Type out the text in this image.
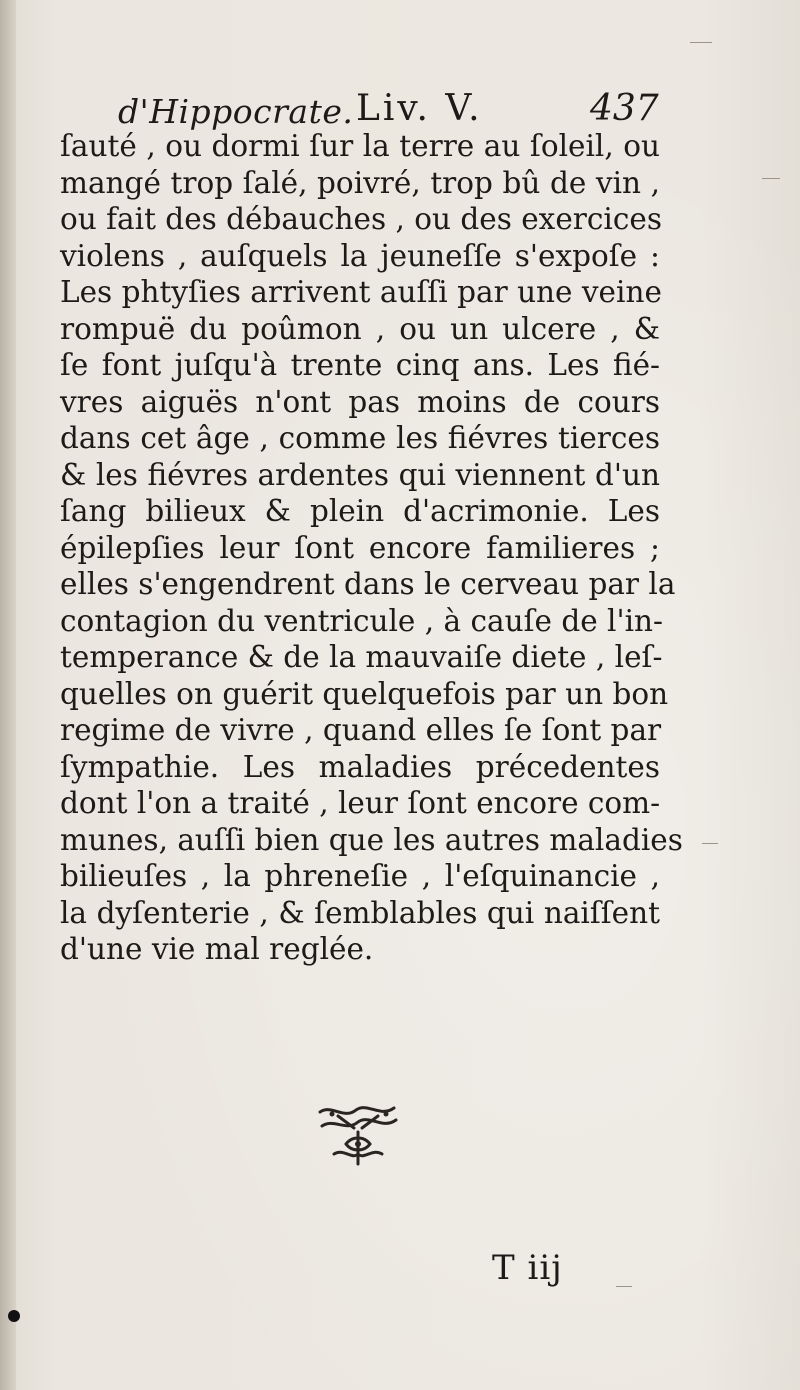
d'Hippocrate. Liv. V.	437
ſauté , ou dormi ſur la terre au ſoleil, ou
mangé trop ſalé, poivré, trop bû de vin ,
ou fait des débauches , ou des exercices
violens , auſquels la jeuneſſe s'expoſe :
Les phtyſies arrivent auſſi par une veine
rompuë du poûmon , ou un ulcere , &
ſe font juſqu'à trente cinq ans. Les fié-
vres aiguës n'ont pas moins de cours
dans cet âge , comme les fiévres tierces
& les fiévres ardentes qui viennent d'un
ſang bilieux & plein d'acrimonie. Les
épilepſies leur ſont encore familieres ;
elles s'engendrent dans le cerveau par la
contagion du ventricule , à cauſe de l'in-
temperance & de la mauvaiſe diete , leſ-
quelles on guérit quelquefois par un bon
regime de vivre , quand elles ſe ſont par
ſympathie. Les maladies précedentes
dont l'on a traité , leur ſont encore com-
munes, auſſi bien que les autres maladies
bilieuſes , la phreneſie , l'eſquinancie ,
la dyſenterie , & ſemblables qui naiſſent
d'une vie mal reglée.
T iij
